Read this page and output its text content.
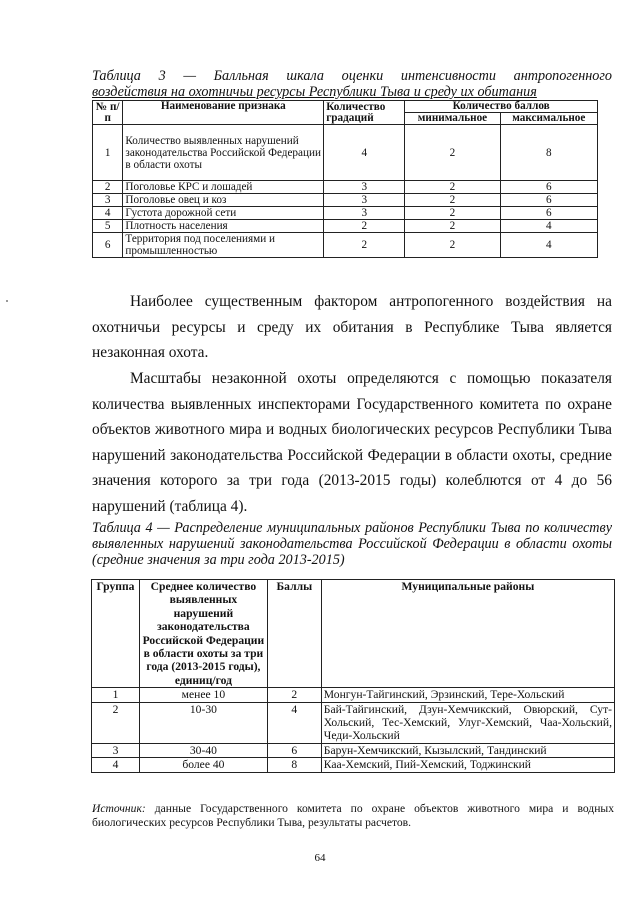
Таблица 3 — Балльная шкала оценки интенсивности антропогенного
воздействия на охотничьи ресурсы Республики Тыва и среду их обитания
№ п/п	Наименование признака	Количество градаций	Количество баллов	
			минимальное	максимальное
1	Количество выявленных нарушений законодательства Российской Федерации в области охоты	4	2	8
2	Поголовье КРС и лошадей	3	2	6
3	Поголовье овец и коз	3	2	6
4	Густота дорожной сети	3	2	6
5	Плотность населения	2	2	4
6	Территория под поселениями и промышленностью	2	2	4
Наиболее существенным фактором антропогенного воздействия на охотничьи ресурсы и среду их обитания в Республике Тыва является незаконная охота.
Масштабы незаконной охоты определяются с помощью показателя количества выявленных инспекторами Государственного комитета по охране объектов животного мира и водных биологических ресурсов Республики Тыва нарушений законодательства Российской Федерации в области охоты, средние значения которого за три года (2013-2015 годы) колеблются от 4 до 56 нарушений (таблица 4).
Таблица 4 — Распределение муниципальных районов Республики Тыва по количеству выявленных нарушений законодательства Российской Федерации в области охоты (средние значения за три года 2013-2015)
Группа	Среднее количество выявленных нарушений законодательства Российской Федерации в области охоты за три года (2013-2015 годы), единиц/год	Баллы	Муниципальные районы
1	менее 10	2	Монгун-Тайгинский, Эрзинский, Тере-Хольский
2	10-30	4	Бай-Тайгинский, Дзун-Хемчикский, Овюрский, Сут-Хольский, Тес-Хемский, Улуг-Хемский, Чаа-Хольский, Чеди-Хольский
3	30-40	6	Барун-Хемчикский, Кызылский, Тандинский
4	более 40	8	Каа-Хемский, Пий-Хемский, Тоджинский
Источник: данные Государственного комитета по охране объектов животного мира и водных биологических ресурсов Республики Тыва, результаты расчетов.
64
